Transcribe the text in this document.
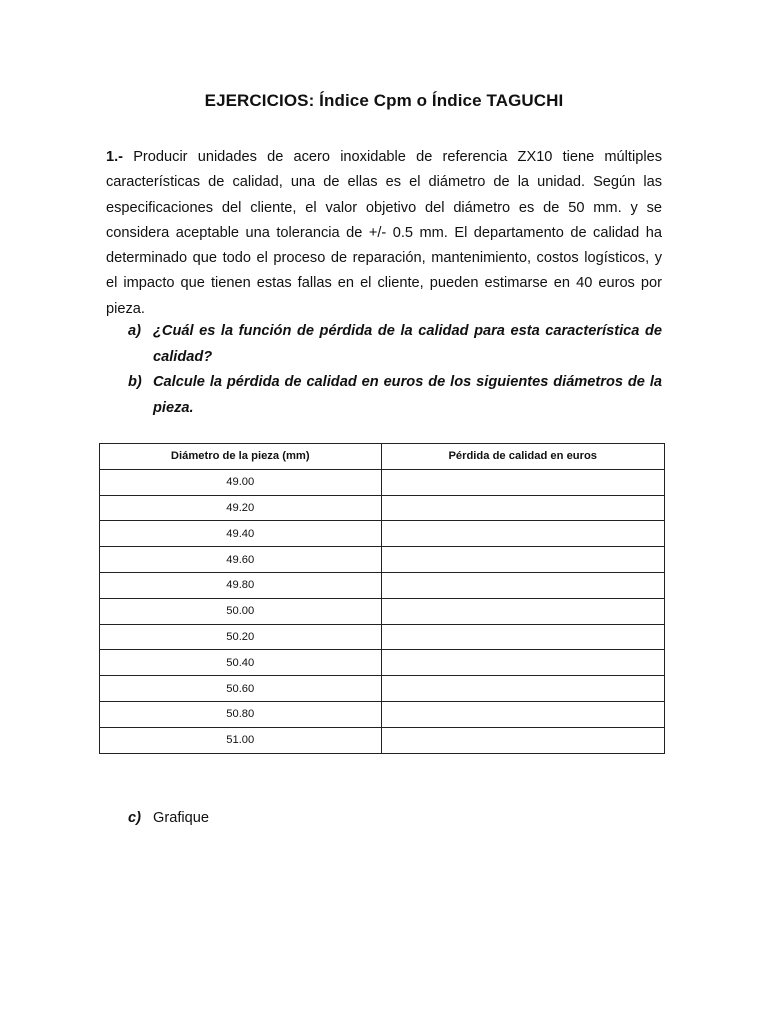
EJERCICIOS: Índice Cpm o Índice TAGUCHI
1.- Producir unidades de acero inoxidable de referencia ZX10 tiene múltiples características de calidad, una de ellas es el diámetro de la unidad. Según las especificaciones del cliente, el valor objetivo del diámetro es de 50 mm. y se considera aceptable una tolerancia de +/- 0.5 mm. El departamento de calidad ha determinado que todo el proceso de reparación, mantenimiento, costos logísticos, y el impacto que tienen estas fallas en el cliente, pueden estimarse en 40 euros por pieza.
a) ¿Cuál es la función de pérdida de la calidad para esta característica de calidad?
b) Calcule la pérdida de calidad en euros de los siguientes diámetros de la pieza.
Diámetro de la pieza (mm)	Pérdida de calidad en euros
49.00	
49.20	
49.40	
49.60	
49.80	
50.00	
50.20	
50.40	
50.60	
50.80	
51.00	
c) Grafique
